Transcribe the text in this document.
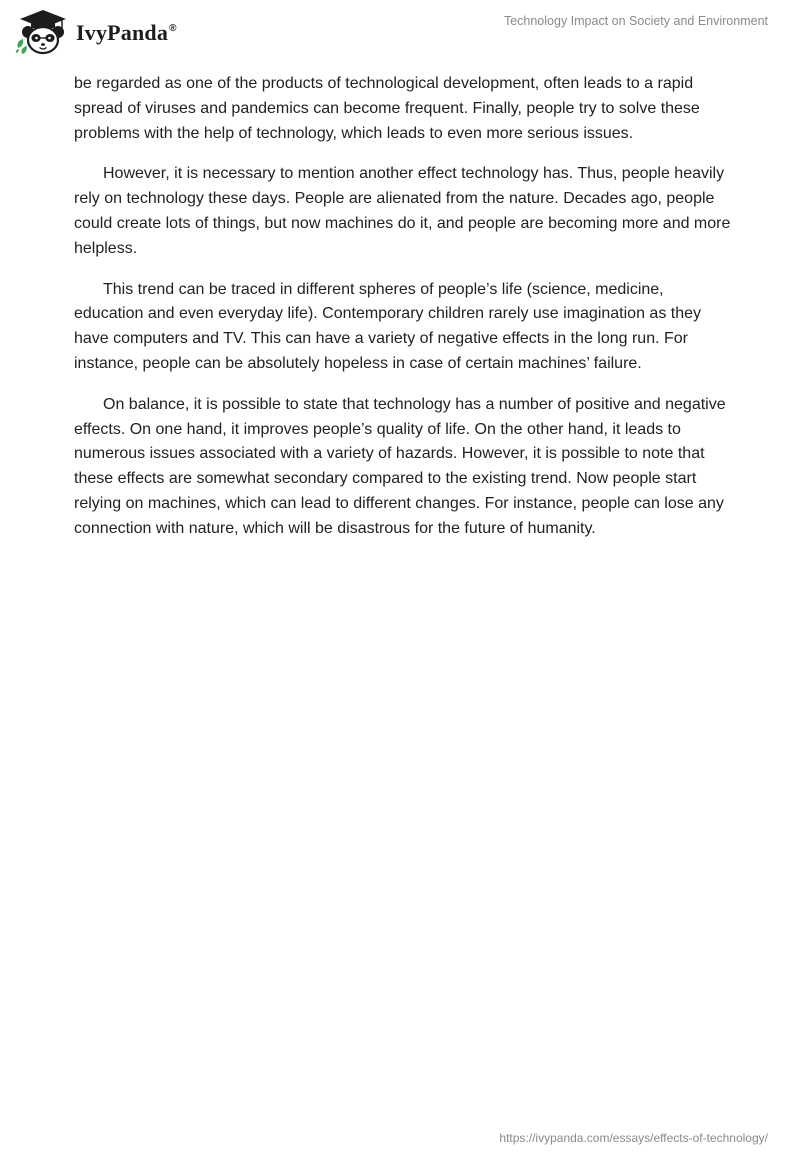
IvyPanda®
Technology Impact on Society and Environment

be regarded as one of the products of technological development, often leads to a rapid spread of viruses and pandemics can become frequent. Finally, people try to solve these problems with the help of technology, which leads to even more serious issues.

However, it is necessary to mention another effect technology has. Thus, people heavily rely on technology these days. People are alienated from the nature. Decades ago, people could create lots of things, but now machines do it, and people are becoming more and more helpless.

This trend can be traced in different spheres of people’s life (science, medicine, education and even everyday life). Contemporary children rarely use imagination as they have computers and TV. This can have a variety of negative effects in the long run. For instance, people can be absolutely hopeless in case of certain machines’ failure.

On balance, it is possible to state that technology has a number of positive and negative effects. On one hand, it improves people’s quality of life. On the other hand, it leads to numerous issues associated with a variety of hazards. However, it is possible to note that these effects are somewhat secondary compared to the existing trend. Now people start relying on machines, which can lead to different changes. For instance, people can lose any connection with nature, which will be disastrous for the future of humanity.

https://ivypanda.com/essays/effects-of-technology/
